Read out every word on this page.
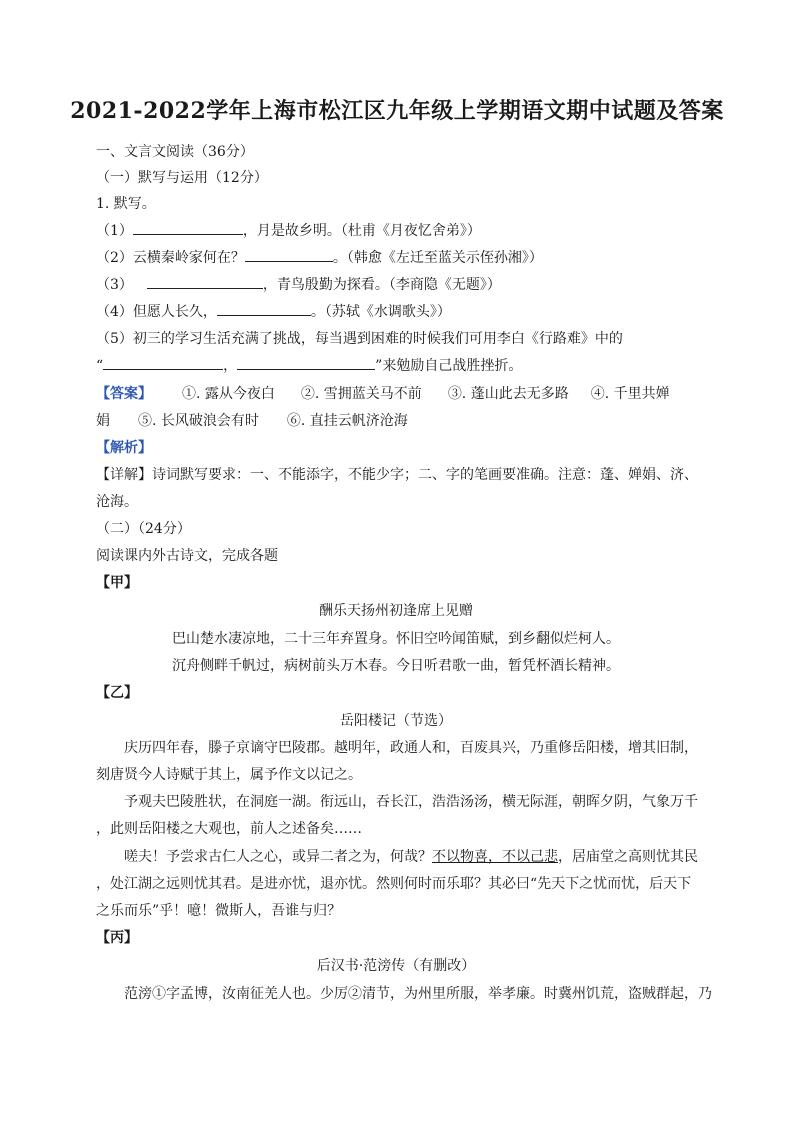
2021-2022学年上海市松江区九年级上学期语文期中试题及答案
一、文言文阅读（36分）
（一）默写与运用（12分）
1. 默写。
（1）	，月是故乡明。（杜甫《月夜忆舍弟》）
（2）云横秦岭家何在？	。（韩愈《左迁至蓝关示侄孙湘》）
（3）	，青鸟殷勤为探看。（李商隐《无题》）
（4）但愿人长久，	。（苏轼《水调歌头》）
（5）初三的学习生活充满了挑战，每当遇到困难的时候我们可用李白《行路难》中的
“	，	”来勉励自己战胜挫折。
【答案】 ①. 露从今夜白 ②. 雪拥蓝关马不前 ③. 蓬山此去无多路 ④. 千里共婵
娟 ⑤. 长风破浪会有时 ⑥. 直挂云帆济沧海
【解析】
【详解】诗词默写要求：一、不能添字，不能少字；二、字的笔画要准确。注意：蓬、婵娟、济、
沧海。
（二）（24分）
阅读课内外古诗文，完成各题
【甲】
酬乐天扬州初逢席上见赠
巴山楚水凄凉地，二十三年弃置身。怀旧空吟闻笛赋，到乡翻似烂柯人。
沉舟侧畔千帆过，病树前头万木春。今日听君歌一曲，暂凭杯酒长精神。
【乙】
岳阳楼记（节选）
庆历四年春，滕子京谪守巴陵郡。越明年，政通人和，百废具兴，乃重修岳阳楼，增其旧制，
刻唐贤今人诗赋于其上，属予作文以记之。
予观夫巴陵胜状，在洞庭一湖。衔远山，吞长江，浩浩汤汤，横无际涯，朝晖夕阴，气象万千
，此则岳阳楼之大观也，前人之述备矣……
嗟夫！予尝求古仁人之心，或异二者之为，何哉？不以物喜，不以己悲，居庙堂之高则忧其民
，处江湖之远则忧其君。是进亦忧，退亦忧。然则何时而乐耶？其必曰“先天下之忧而忧，后天下
之乐而乐”乎！噫！微斯人，吾谁与归？
【丙】
后汉书·范滂传（有删改）
范滂①字孟博，汝南征羌人也。少厉②清节，为州里所服，举孝廉。时冀州饥荒，盗贼群起，乃
